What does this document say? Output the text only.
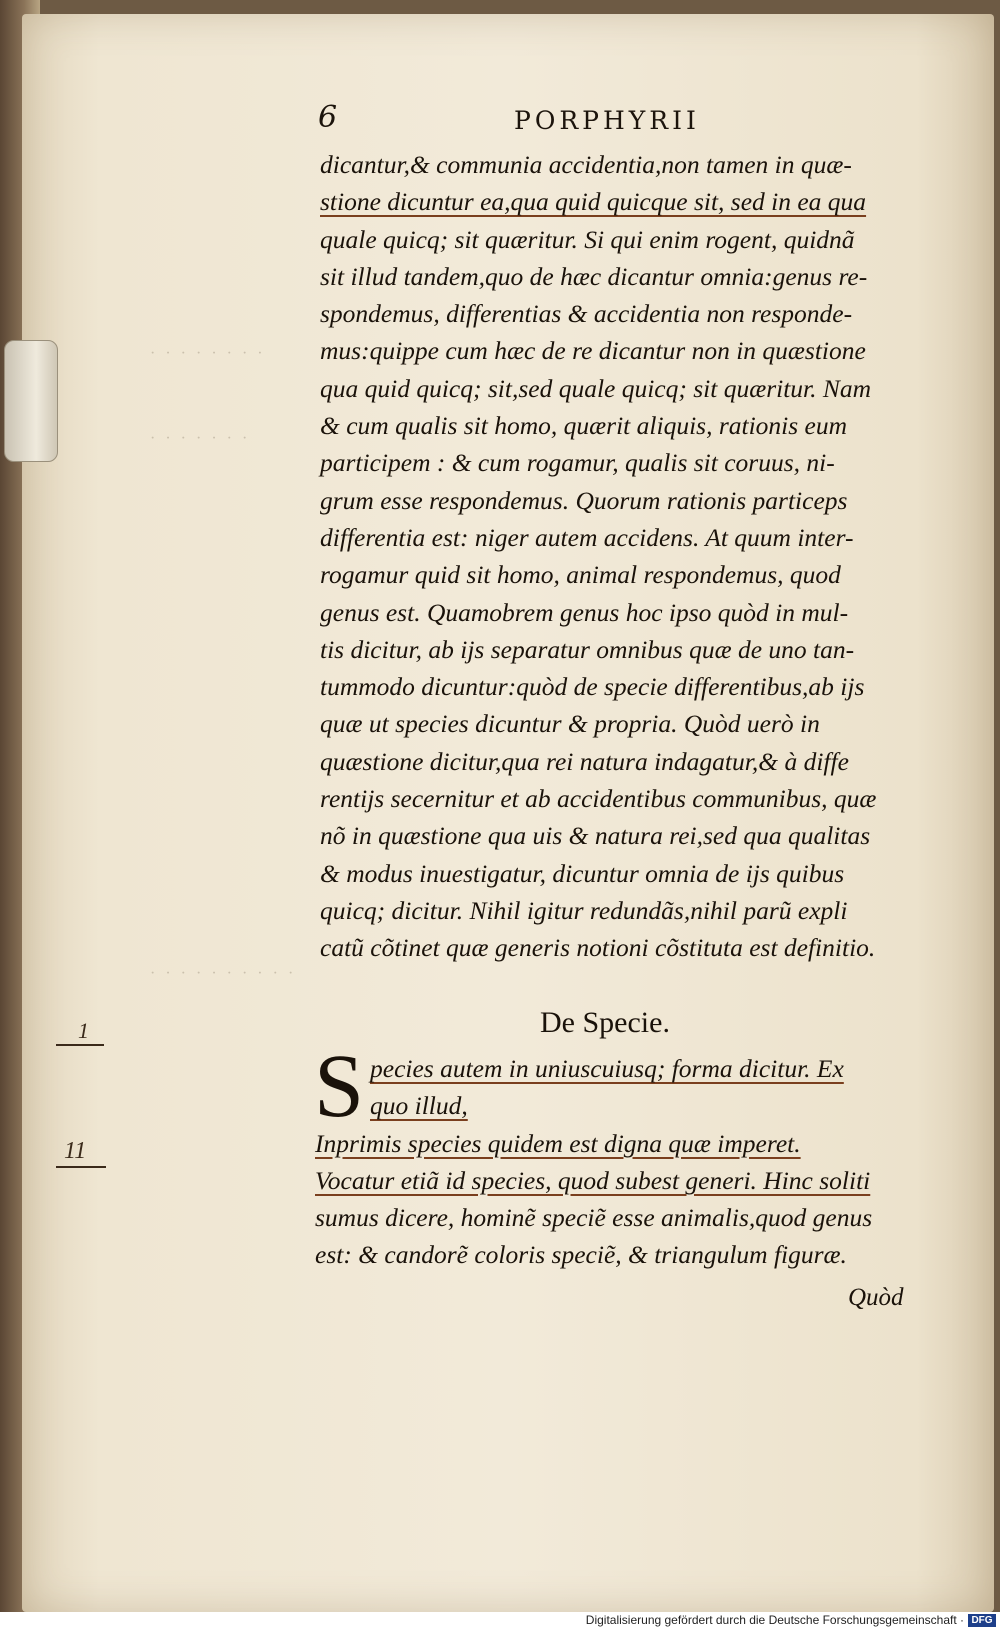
· · · · · · · ·
· · · · · · ·
· · · · · · · · · ·
6	PORPHYRII
dicantur,& communia accidentia,non tamen in quæ-
stione dicuntur ea,qua quid quicque sit, sed in ea qua
quale quicq; sit quæritur. Si qui enim rogent, quidnã
sit illud tandem,quo de hæc dicantur omnia:genus re-
spondemus, differentias & accidentia non responde-
mus:quippe cum hæc de re dicantur non in quæstione
qua quid quicq; sit,sed quale quicq; sit quæritur. Nam
& cum qualis sit homo, quærit aliquis, rationis eum
participem : & cum rogamur, qualis sit coruus, ni-
grum esse respondemus. Quorum rationis particeps
differentia est: niger autem accidens. At quum inter-
rogamur quid sit homo, animal respondemus, quod
genus est. Quamobrem genus hoc ipso quòd in mul-
tis dicitur, ab ijs separatur omnibus quæ de uno tan-
tummodo dicuntur:quòd de specie differentibus,ab ijs
quæ ut species dicuntur & propria. Quòd uerò in
quæstione dicitur,qua rei natura indagatur,& à diffe
rentijs secernitur et ab accidentibus communibus, quæ
nõ in quæstione qua uis & natura rei,sed qua qualitas
& modus inuestigatur, dicuntur omnia de ijs quibus
quicq; dicitur. Nihil igitur redundãs,nihil parũ expli
catũ cõtinet quæ generis notioni cõstituta est definitio.
De Specie.
S pecies autem in uniuscuiusq; forma dicitur. Ex
quo illud,
Inprimis species quidem est digna quæ imperet.
Vocatur etiã id species, quod subest generi. Hinc soliti
sumus dicere, hominẽ speciẽ esse animalis,quod genus
est: & candorẽ coloris speciẽ, & triangulum figuræ.
Quòd
1
11
Digitalisierung gefördert durch die Deutsche Forschungsgemeinschaft · DFG
